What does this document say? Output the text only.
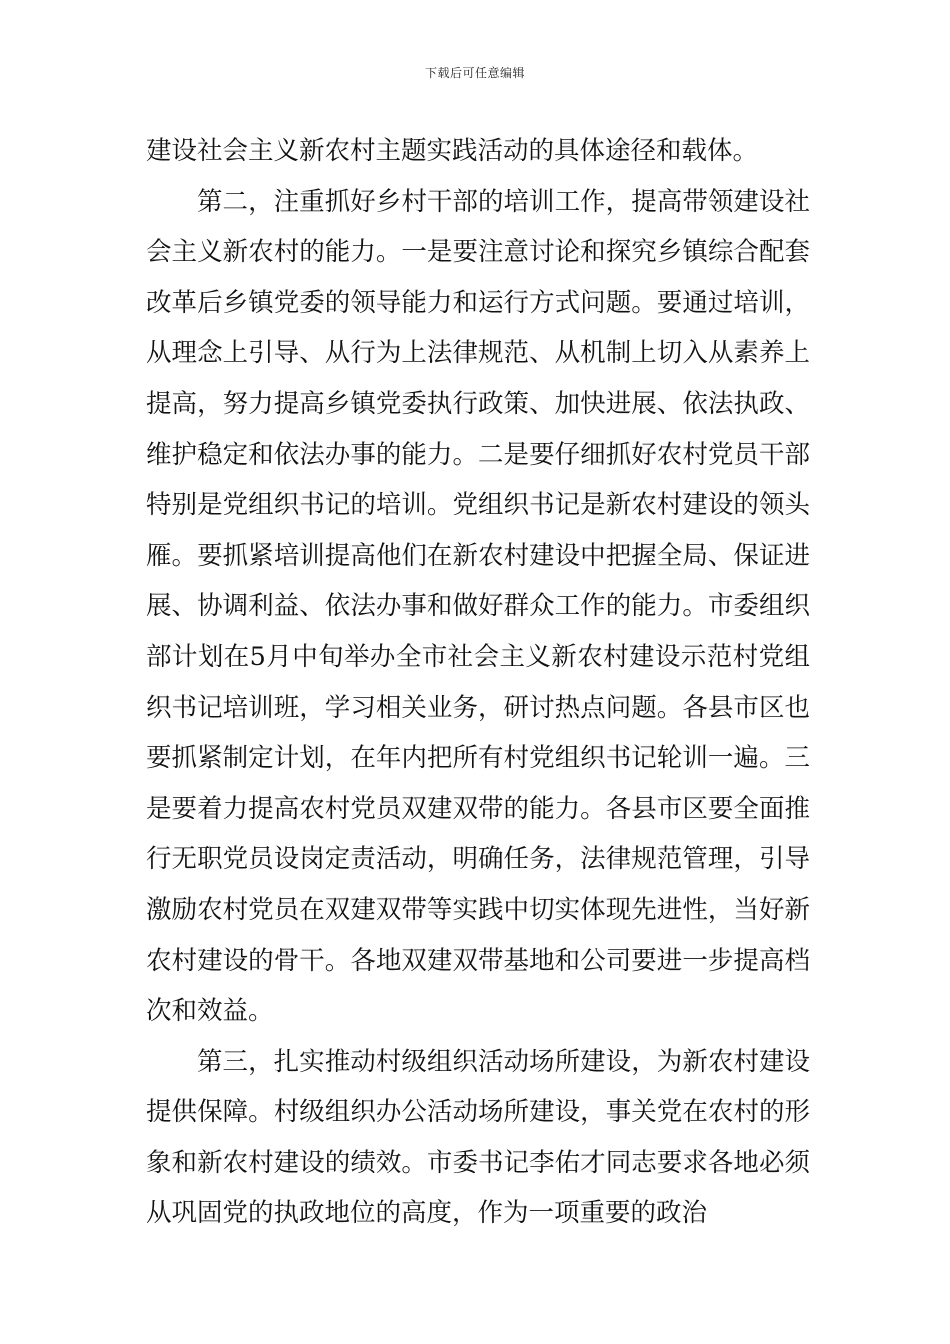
下载后可任意编辑

建设社会主义新农村主题实践活动的具体途径和载体。

第二，注重抓好乡村干部的培训工作，提高带领建设社会主义新农村的能力。一是要注意讨论和探究乡镇综合配套改革后乡镇党委的领导能力和运行方式问题。要通过培训，从理念上引导、从行为上法律规范、从机制上切入从素养上提高，努力提高乡镇党委执行政策、加快进展、依法执政、维护稳定和依法办事的能力。二是要仔细抓好农村党员干部特别是党组织书记的培训。党组织书记是新农村建设的领头雁。要抓紧培训提高他们在新农村建设中把握全局、保证进展、协调利益、依法办事和做好群众工作的能力。市委组织部计划在5月中旬举办全市社会主义新农村建设示范村党组织书记培训班，学习相关业务，研讨热点问题。各县市区也要抓紧制定计划，在年内把所有村党组织书记轮训一遍。三是要着力提高农村党员双建双带的能力。各县市区要全面推行无职党员设岗定责活动，明确任务，法律规范管理，引导激励农村党员在双建双带等实践中切实体现先进性，当好新农村建设的骨干。各地双建双带基地和公司要进一步提高档次和效益。

第三，扎实推动村级组织活动场所建设，为新农村建设提供保障。村级组织办公活动场所建设，事关党在农村的形象和新农村建设的绩效。市委书记李佑才同志要求各地必须从巩固党的执政地位的高度，作为一项重要的政治
